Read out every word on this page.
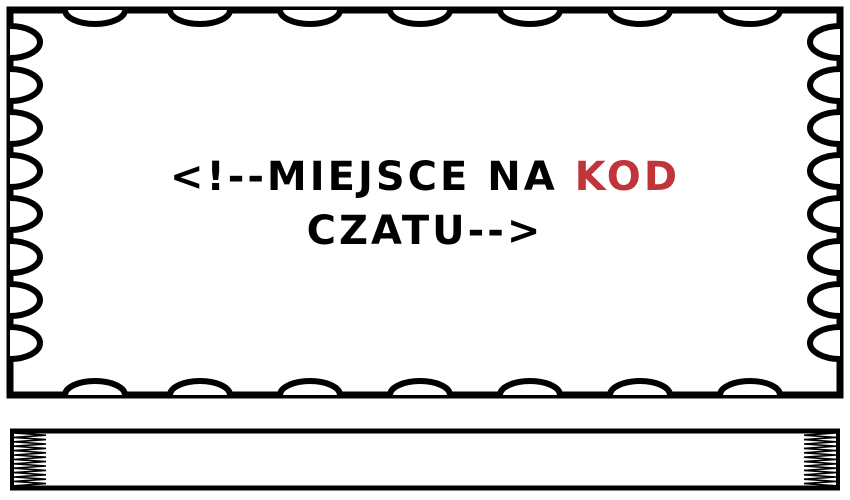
<!--MIEJSCE NA KOD
CZATU-->
